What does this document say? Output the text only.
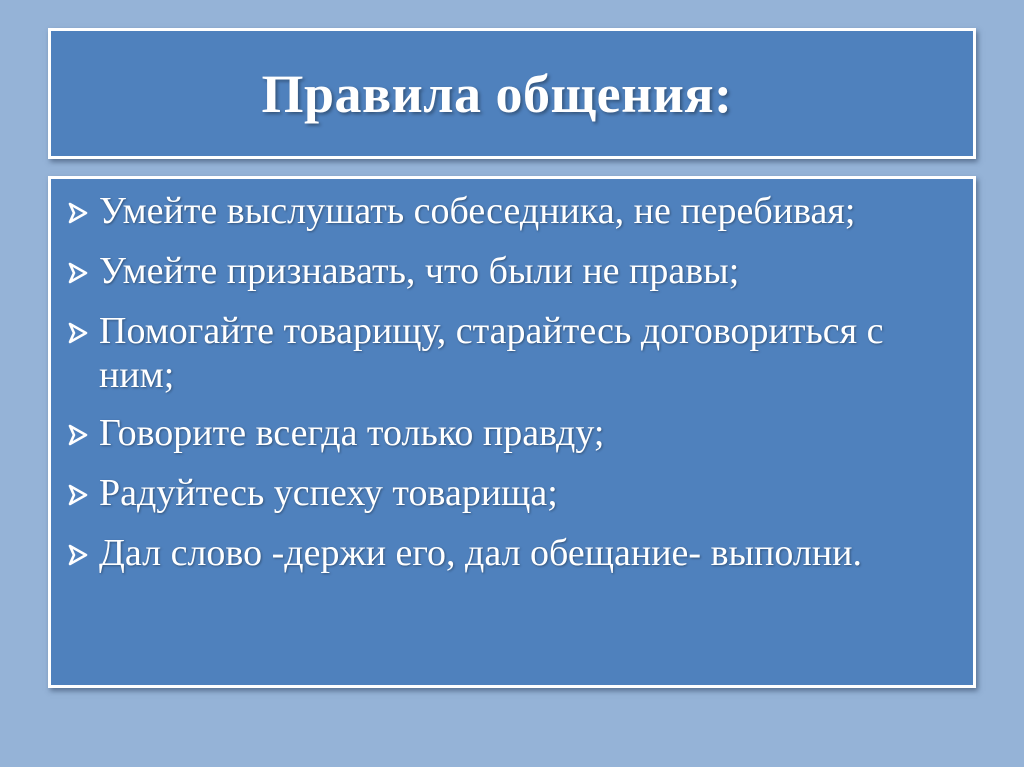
Правила общения:
Умейте выслушать собеседника, не перебивая;
Умейте признавать, что были не правы;
Помогайте товарищу, старайтесь договориться с ним;
Говорите всегда только правду;
Радуйтесь успеху товарища;
Дал слово -держи его, дал обещание- выполни.
